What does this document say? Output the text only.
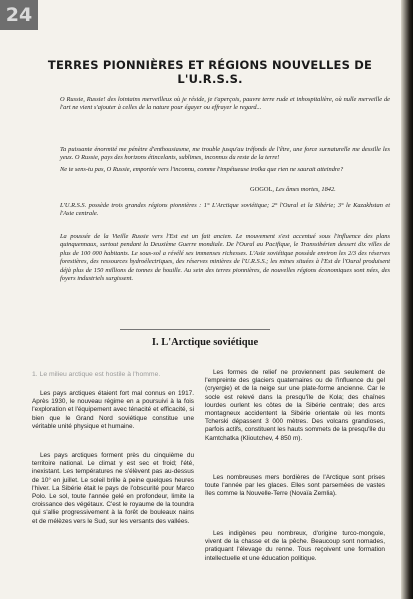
24
TERRES PIONNIÈRES ET RÉGIONS NOUVELLES DE L'U.R.S.S.
O Russie, Russie! des lointains merveilleux où je réside, je t'aperçois, pauvre terre rude et inhospitalière, où nulle merveille de l'art ne vient s'ajouter à celles de la nature pour égayer ou effrayer le regard...
Ta puissante énormité me pénètre d'enthousiasme, me trouble jusqu'au tréfonds de l'être, une force surnaturelle me dessille les yeux. O Russie, pays des horizons étincelants, sublimes, inconnus du reste de la terre!
Ne te sens-tu pas, O Russie, emportée vers l'inconnu, comme l'impétueuse troïka que rien ne saurait atteindre?
GOGOL, Les âmes mortes, 1842.
L'U.R.S.S. possède trois grandes régions pionnières : 1° L'Arctique soviétique; 2° l'Oural et la Sibérie; 3° le Kazakhstan et l'Asie centrale.
La poussée de la Vieille Russie vers l'Est est un fait ancien. Le mouvement s'est accentué sous l'influence des plans quinquennaux, surtout pendant la Deuxième Guerre mondiale. De l'Oural au Pacifique, le Transsibérien dessert dix villes de plus de 100 000 habitants. Le sous-sol a révélé ses immenses richesses. L'Asie soviétique possède environ les 2/3 des réserves forestières, des ressources hydroélectriques, des réserves minières de l'U.R.S.S.; les mines situées à l'Est de l'Oural produisent déjà plus de 150 millions de tonnes de houille. Au sein des terres pionnières, de nouvelles régions économiques sont nées, des foyers industriels surgissent.
I. L'Arctique soviétique
1. Le milieu arctique est hostile à l'homme.

Les pays arctiques étaient fort mal connus en 1917. Après 1930, le nouveau régime en a poursuivi à la fois l'exploration et l'équipement avec ténacité et efficacité, si bien que le Grand Nord soviétique constitue une véritable unité physique et humaine.

Les pays arctiques forment près du cinquième du territoire national. Le climat y est sec et froid; l'été, inexistant. Les températures ne s'élèvent pas au-dessus de 10° en juillet. Le soleil brille à peine quelques heures l'hiver. La Sibérie était le pays de l'obscurité pour Marco Polo. Le sol, toute l'année gelé en profondeur, limite la croissance des végétaux. C'est le royaume de la toundra qui s'allie progressivement à la forêt de bouleaux nains et de mélèzes vers le Sud, sur les versants des vallées.

Les formes de relief ne proviennent pas seulement de l'empreinte des glaciers quaternaires ou de l'influence du gel (cryergie) et de la neige sur une plate-forme ancienne. Car le socle est relevé dans la presqu'île de Kola; des chaînes lourdes ourlent les côtes de la Sibérie centrale; des arcs montagneux accidentent la Sibérie orientale où les monts Tcherski dépassent 3 000 mètres. Des volcans grandioses, parfois actifs, constituent les hauts sommets de la presqu'île du Kamtchatka (Klioutchev, 4 850 m).

Les nombreuses mers bordières de l'Arctique sont prises toute l'année par les glaces. Elles sont parsemées de vastes îles comme la Nouvelle-Terre (Novaïa Zemlia).

Les indigènes peu nombreux, d'origine turco-mongole, vivent de la chasse et de la pêche. Beaucoup sont nomades, pratiquant l'élevage du renne. Tous reçoivent une formation intellectuelle et une éducation politique.
